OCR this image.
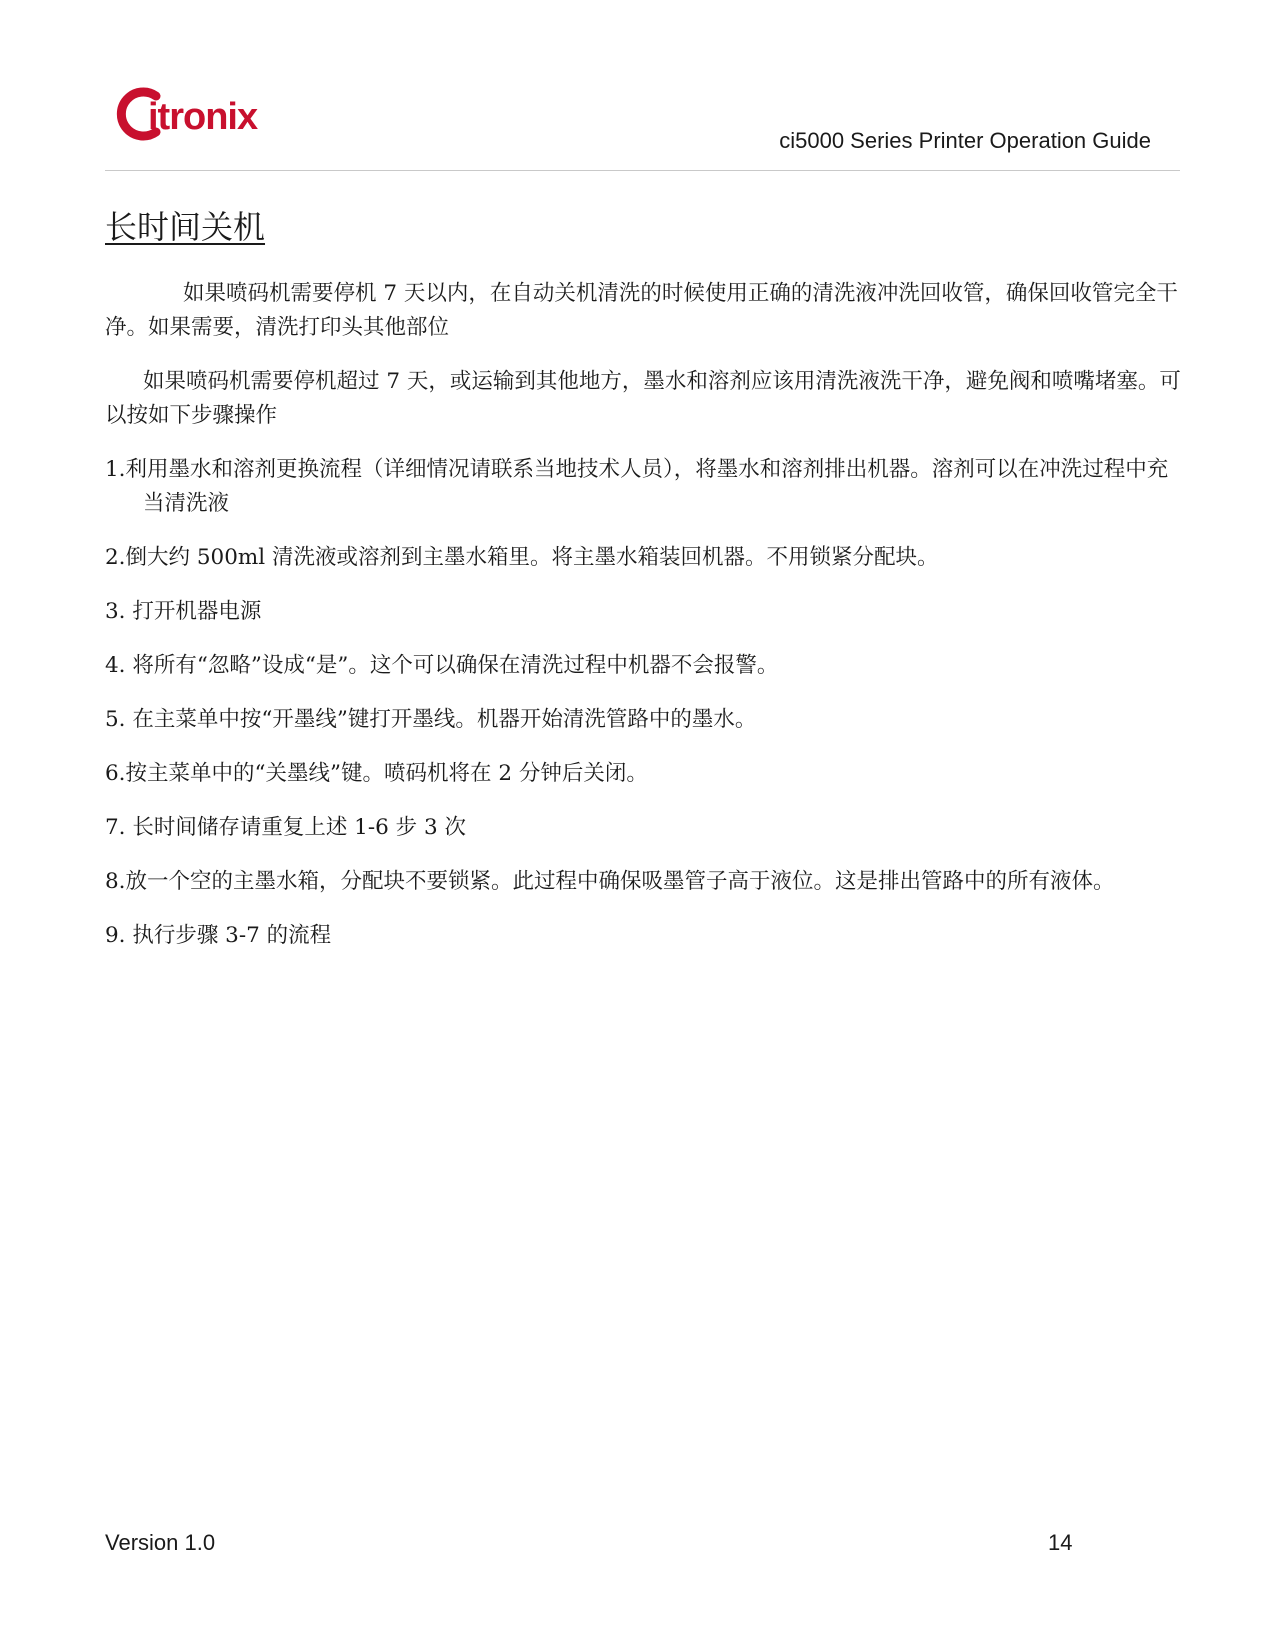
itronix
ci5000 Series Printer Operation Guide
长时间关机

如果喷码机需要停机 7 天以内，在自动关机清洗的时候使用正确的清洗液冲洗回收管，确保回收管完全干净。如果需要，清洗打印头其他部位

如果喷码机需要停机超过 7 天，或运输到其他地方，墨水和溶剂应该用清洗液洗干净，避免阀和喷嘴堵塞。可以按如下步骤操作

1.利用墨水和溶剂更换流程（详细情况请联系当地技术人员），将墨水和溶剂排出机器。溶剂可以在冲洗过程中充当清洗液

2.倒大约 500ml 清洗液或溶剂到主墨水箱里。将主墨水箱装回机器。不用锁紧分配块。

3. 打开机器电源

4. 将所有“忽略”设成“是”。这个可以确保在清洗过程中机器不会报警。

5. 在主菜单中按“开墨线”键打开墨线。机器开始清洗管路中的墨水。

6.按主菜单中的“关墨线”键。喷码机将在 2 分钟后关闭。

7. 长时间储存请重复上述 1-6 步 3 次

8.放一个空的主墨水箱，分配块不要锁紧。此过程中确保吸墨管子高于液位。这是排出管路中的所有液体。

9. 执行步骤 3-7 的流程

Version 1.0	14
